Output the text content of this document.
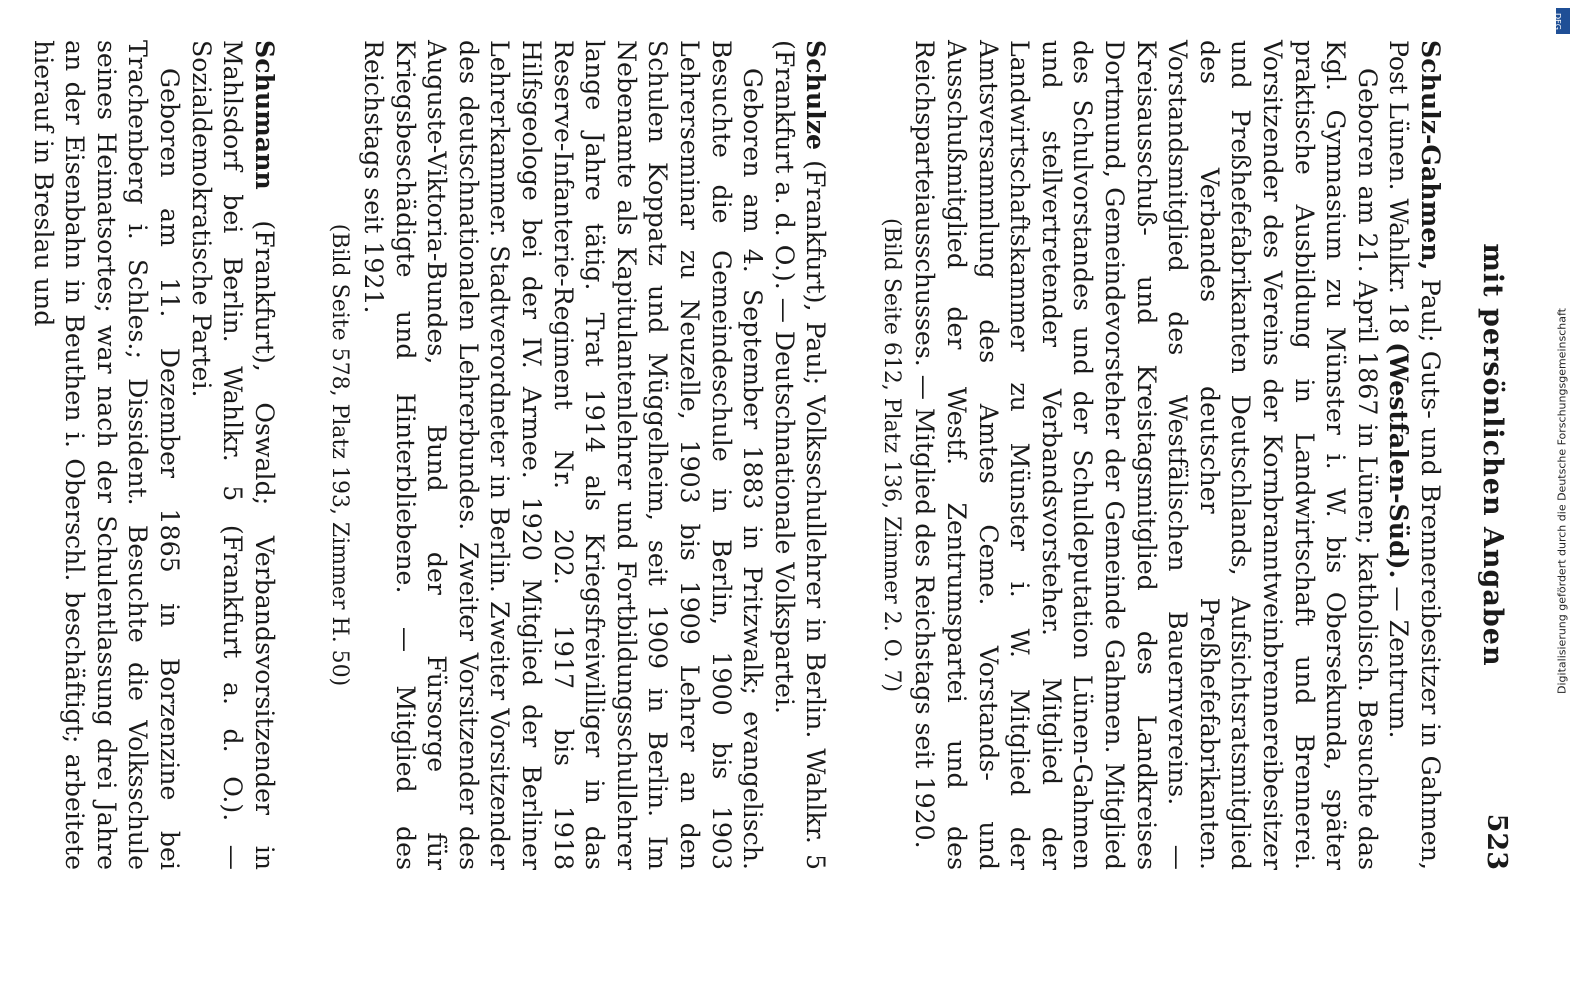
mit persönlichen Angaben
523

Schulz-Gahmen, Paul; Guts- und Brennereibesitzer in Gahmen, Post Lünen. Wahlkr. 18 (Westfalen-Süd). — Zentrum.

Geboren am 21. April 1867 in Lünen; katholisch. Besuchte das Kgl. Gymnasium zu Münster i. W. bis Obersekunda, später praktische Ausbildung in Landwirtschaft und Brennerei. Vorsitzender des Vereins der Kornbranntweinbrennereibesitzer und Preßhefefabrikanten Deutschlands, Aufsichtsratsmitglied des Verbandes deutscher Preßhefefabrikanten. Vorstandsmitglied des Westfälischen Bauernvereins. — Kreisausschuß- und Kreistagsmitglied des Landkreises Dortmund, Gemeindevorsteher der Gemeinde Gahmen. Mitglied des Schulvorstandes und der Schuldeputation Lünen-Gahmen und stellvertretender Verbandsvorsteher. Mitglied der Landwirtschaftskammer zu Münster i. W. Mitglied der Amtsversammlung des Amtes Ceme. Vorstands- und Ausschußmitglied der Westf. Zentrumspartei und des Reichsparteiausschusses. — Mitglied des Reichstags seit 1920.

(Bild Seite 612, Platz 136, Zimmer 2. O. 7)

Schulze (Frankfurt), Paul; Volksschullehrer in Berlin. Wahlkr. 5 (Frankfurt a. d. O.). — Deutschnationale Volkspartei.

Geboren am 4. September 1883 in Pritzwalk; evangelisch. Besuchte die Gemeindeschule in Berlin, 1900 bis 1903 Lehrerseminar zu Neuzelle, 1903 bis 1909 Lehrer an den Schulen Koppatz und Müggelheim, seit 1909 in Berlin. Im Nebenamte als Kapitulantenlehrer und Fortbildungsschullehrer lange Jahre tätig. Trat 1914 als Kriegsfreiwilliger in das Reserve-Infanterie-Regiment Nr. 202. 1917 bis 1918 Hilfsgeologe bei der IV. Armee. 1920 Mitglied der Berliner Lehrerkammer. Stadtverordneter in Berlin. Zweiter Vorsitzender des deutschnationalen Lehrerbundes. Zweiter Vorsitzender des Auguste-Viktoria-Bundes, Bund der Fürsorge für Kriegsbeschädigte und Hinterbliebene. — Mitglied des Reichstags seit 1921.

(Bild Seite 578, Platz 193, Zimmer H. 50)

Schumann (Frankfurt), Oswald; Verbandsvorsitzender in Mahlsdorf bei Berlin. Wahlkr. 5 (Frankfurt a. d. O.). — Sozialdemokratische Partei.

Geboren am 11. Dezember 1865 in Borzenzine bei Trachenberg i. Schles.; Dissident. Besuchte die Volksschule seines Heimatsortes; war nach der Schulentlassung drei Jahre an der Eisenbahn in Beuthen i. Oberschl. beschäftigt; arbeitete hierauf in Breslau und

Digitalisierung gefördert durch die Deutsche Forschungsgemeinschaft
DFG
